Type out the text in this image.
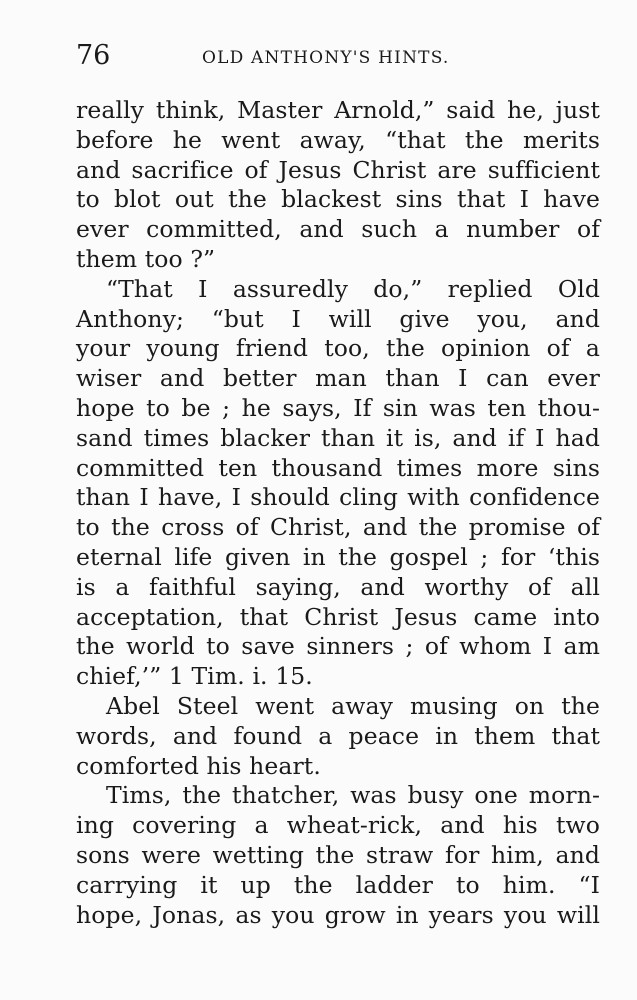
76	OLD ANTHONY'S HINTS.
really think, Master Arnold,” said he, just
before he went away, “that the merits
and sacrifice of Jesus Christ are sufficient
to blot out the blackest sins that I have
ever committed, and such a number of
them too ?”
“That I assuredly do,” replied Old
Anthony; “but I will give you, and
your young friend too, the opinion of a
wiser and better man than I can ever
hope to be ; he says, If sin was ten thou-
sand times blacker than it is, and if I had
committed ten thousand times more sins
than I have, I should cling with confidence
to the cross of Christ, and the promise of
eternal life given in the gospel ; for ‘this
is a faithful saying, and worthy of all
acceptation, that Christ Jesus came into
the world to save sinners ; of whom I am
chief,’” 1 Tim. i. 15.
Abel Steel went away musing on the
words, and found a peace in them that
comforted his heart.
Tims, the thatcher, was busy one morn-
ing covering a wheat-rick, and his two
sons were wetting the straw for him, and
carrying it up the ladder to him. “I
hope, Jonas, as you grow in years you will
